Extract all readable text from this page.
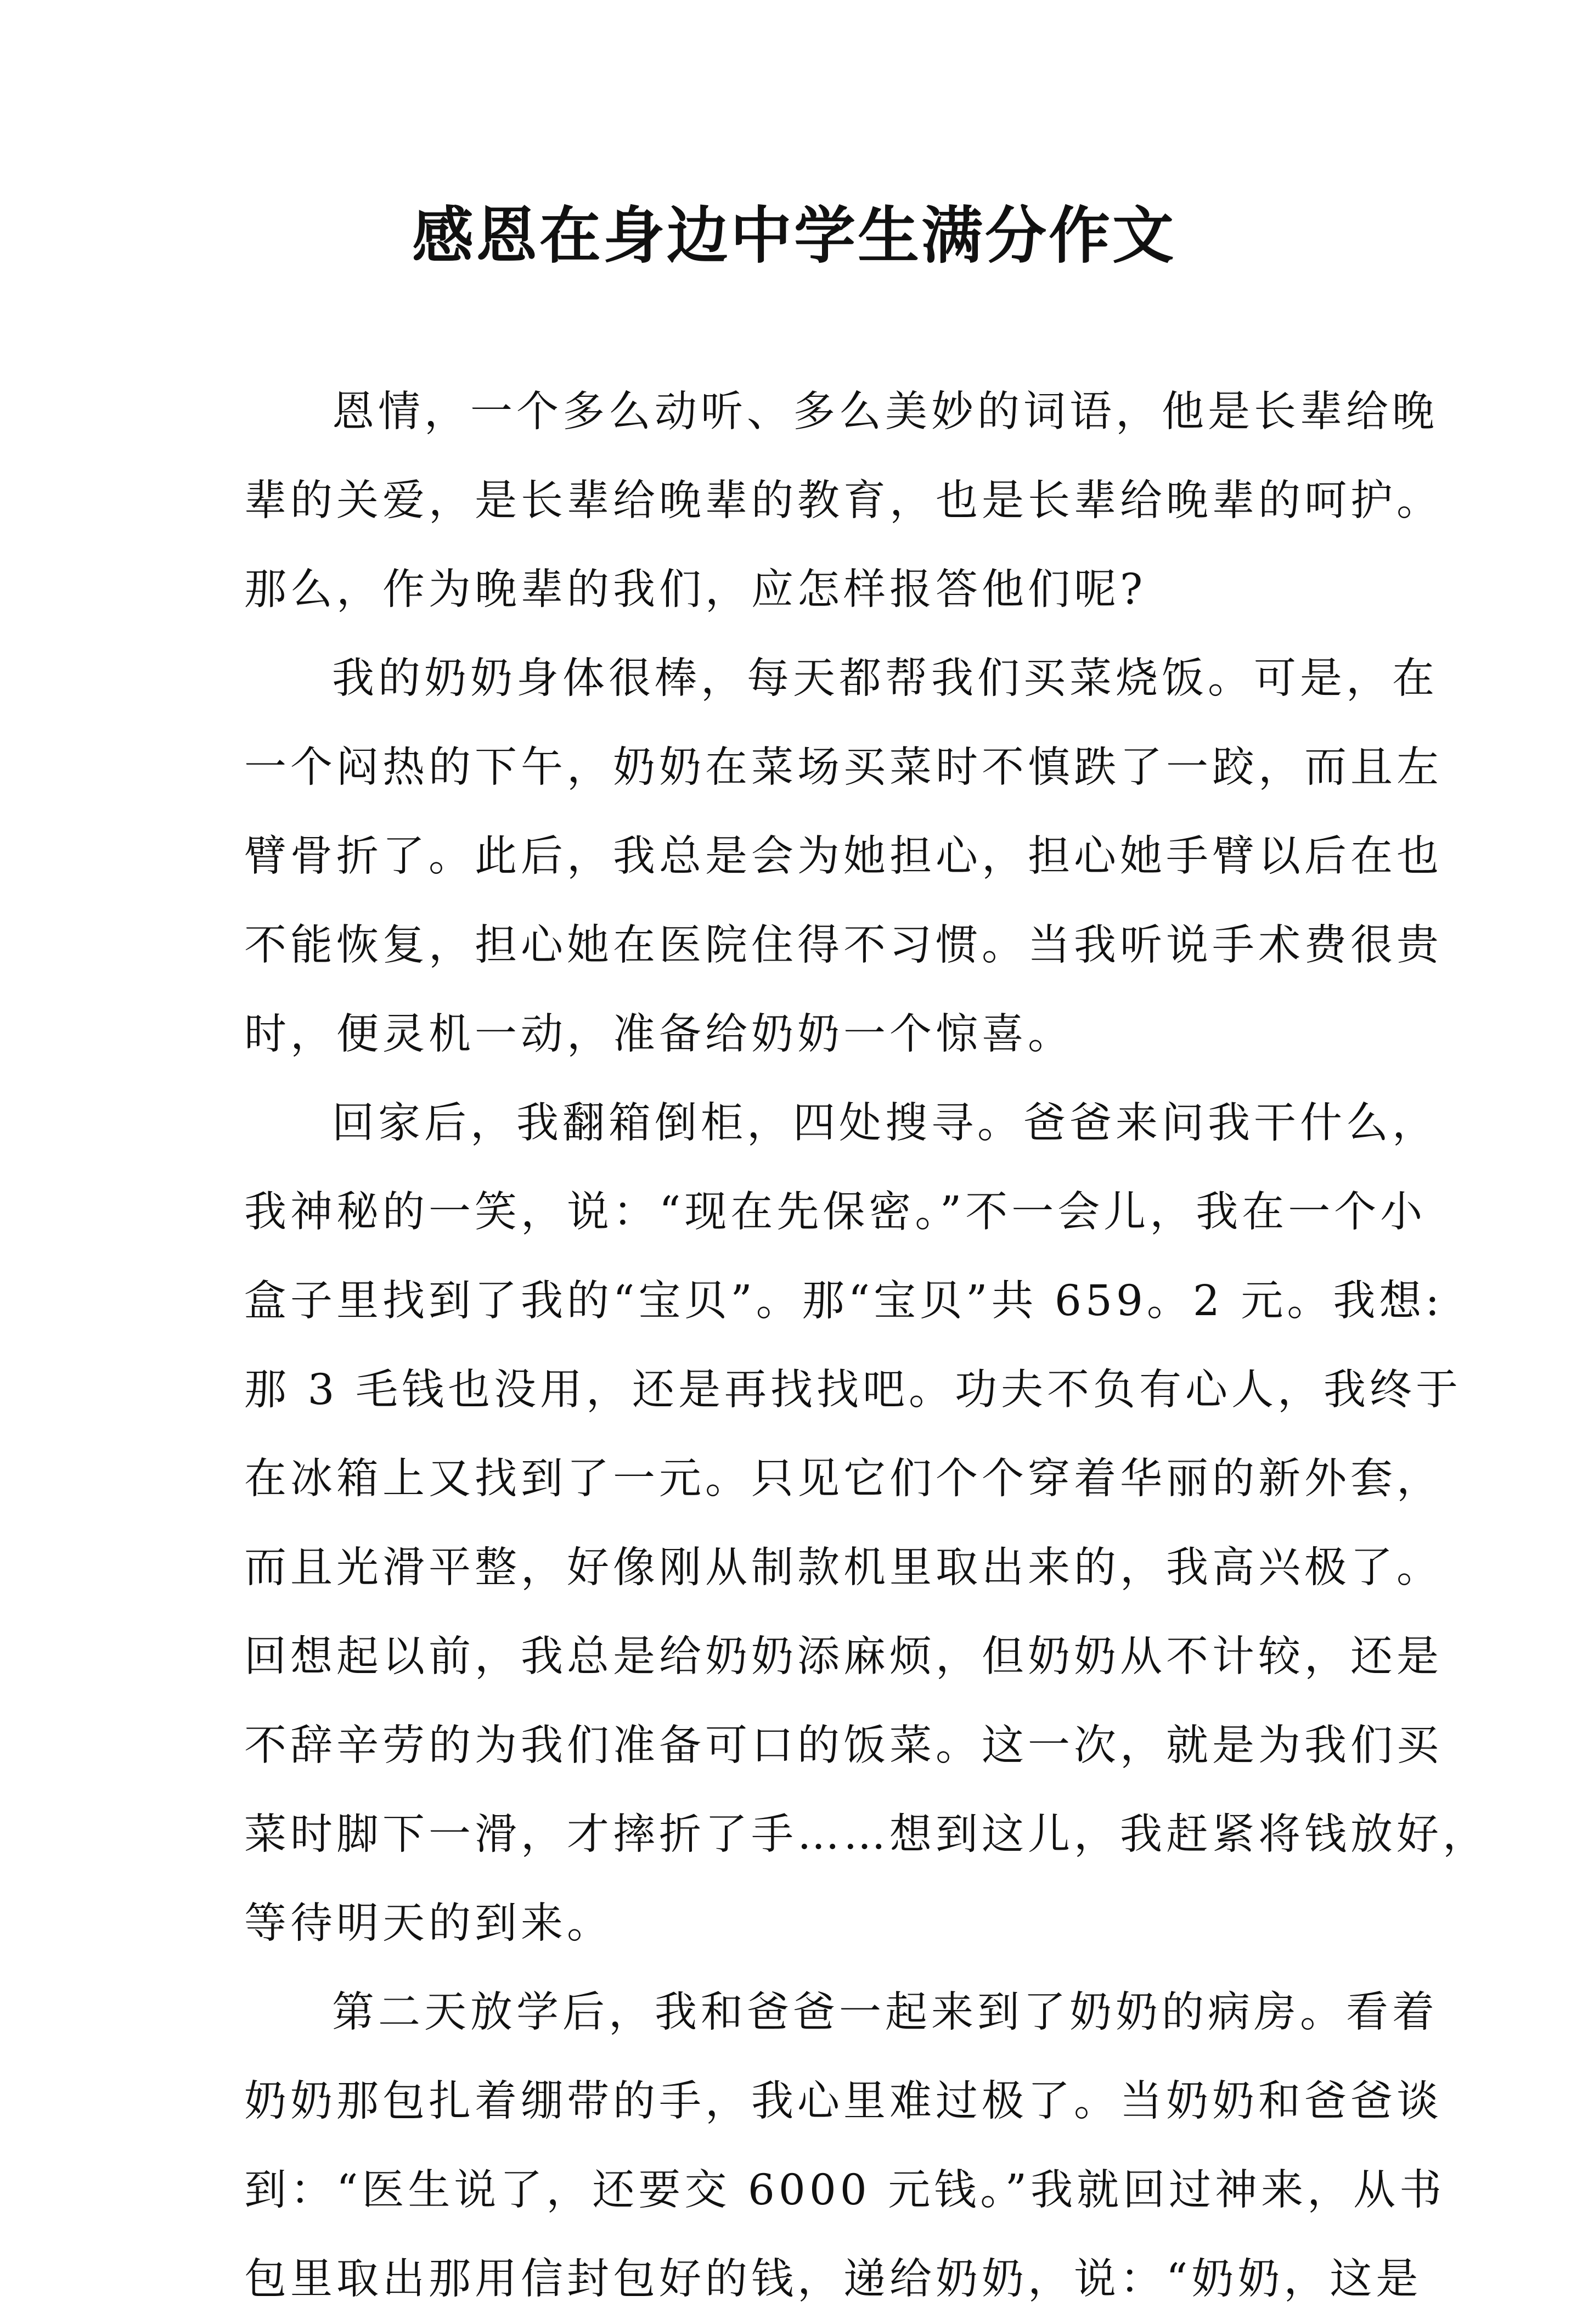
感恩在身边中学生满分作文
恩情，一个多么动听、多么美妙的词语，他是长辈给晚
辈的关爱，是长辈给晚辈的教育，也是长辈给晚辈的呵护。
那么，作为晚辈的我们，应怎样报答他们呢?
我的奶奶身体很棒，每天都帮我们买菜烧饭。可是，在
一个闷热的下午，奶奶在菜场买菜时不慎跌了一跤，而且左
臂骨折了。此后，我总是会为她担心，担心她手臂以后在也
不能恢复，担心她在医院住得不习惯。当我听说手术费很贵
时，便灵机一动，准备给奶奶一个惊喜。
回家后，我翻箱倒柜，四处搜寻。爸爸来问我干什么，
我神秘的一笑，说：“现在先保密。”不一会儿，我在一个小
盒子里找到了我的“宝贝”。那“宝贝”共 659。2 元。我想:
那 3 毛钱也没用，还是再找找吧。功夫不负有心人，我终于
在冰箱上又找到了一元。只见它们个个穿着华丽的新外套，
而且光滑平整，好像刚从制款机里取出来的，我高兴极了。
回想起以前，我总是给奶奶添麻烦，但奶奶从不计较，还是
不辞辛劳的为我们准备可口的饭菜。这一次，就是为我们买
菜时脚下一滑，才摔折了手……想到这儿，我赶紧将钱放好，
等待明天的到来。
第二天放学后，我和爸爸一起来到了奶奶的病房。看着
奶奶那包扎着绷带的手，我心里难过极了。当奶奶和爸爸谈
到：“医生说了，还要交 6000 元钱。”我就回过神来，从书
包里取出那用信封包好的钱，递给奶奶，说：“奶奶，这是
